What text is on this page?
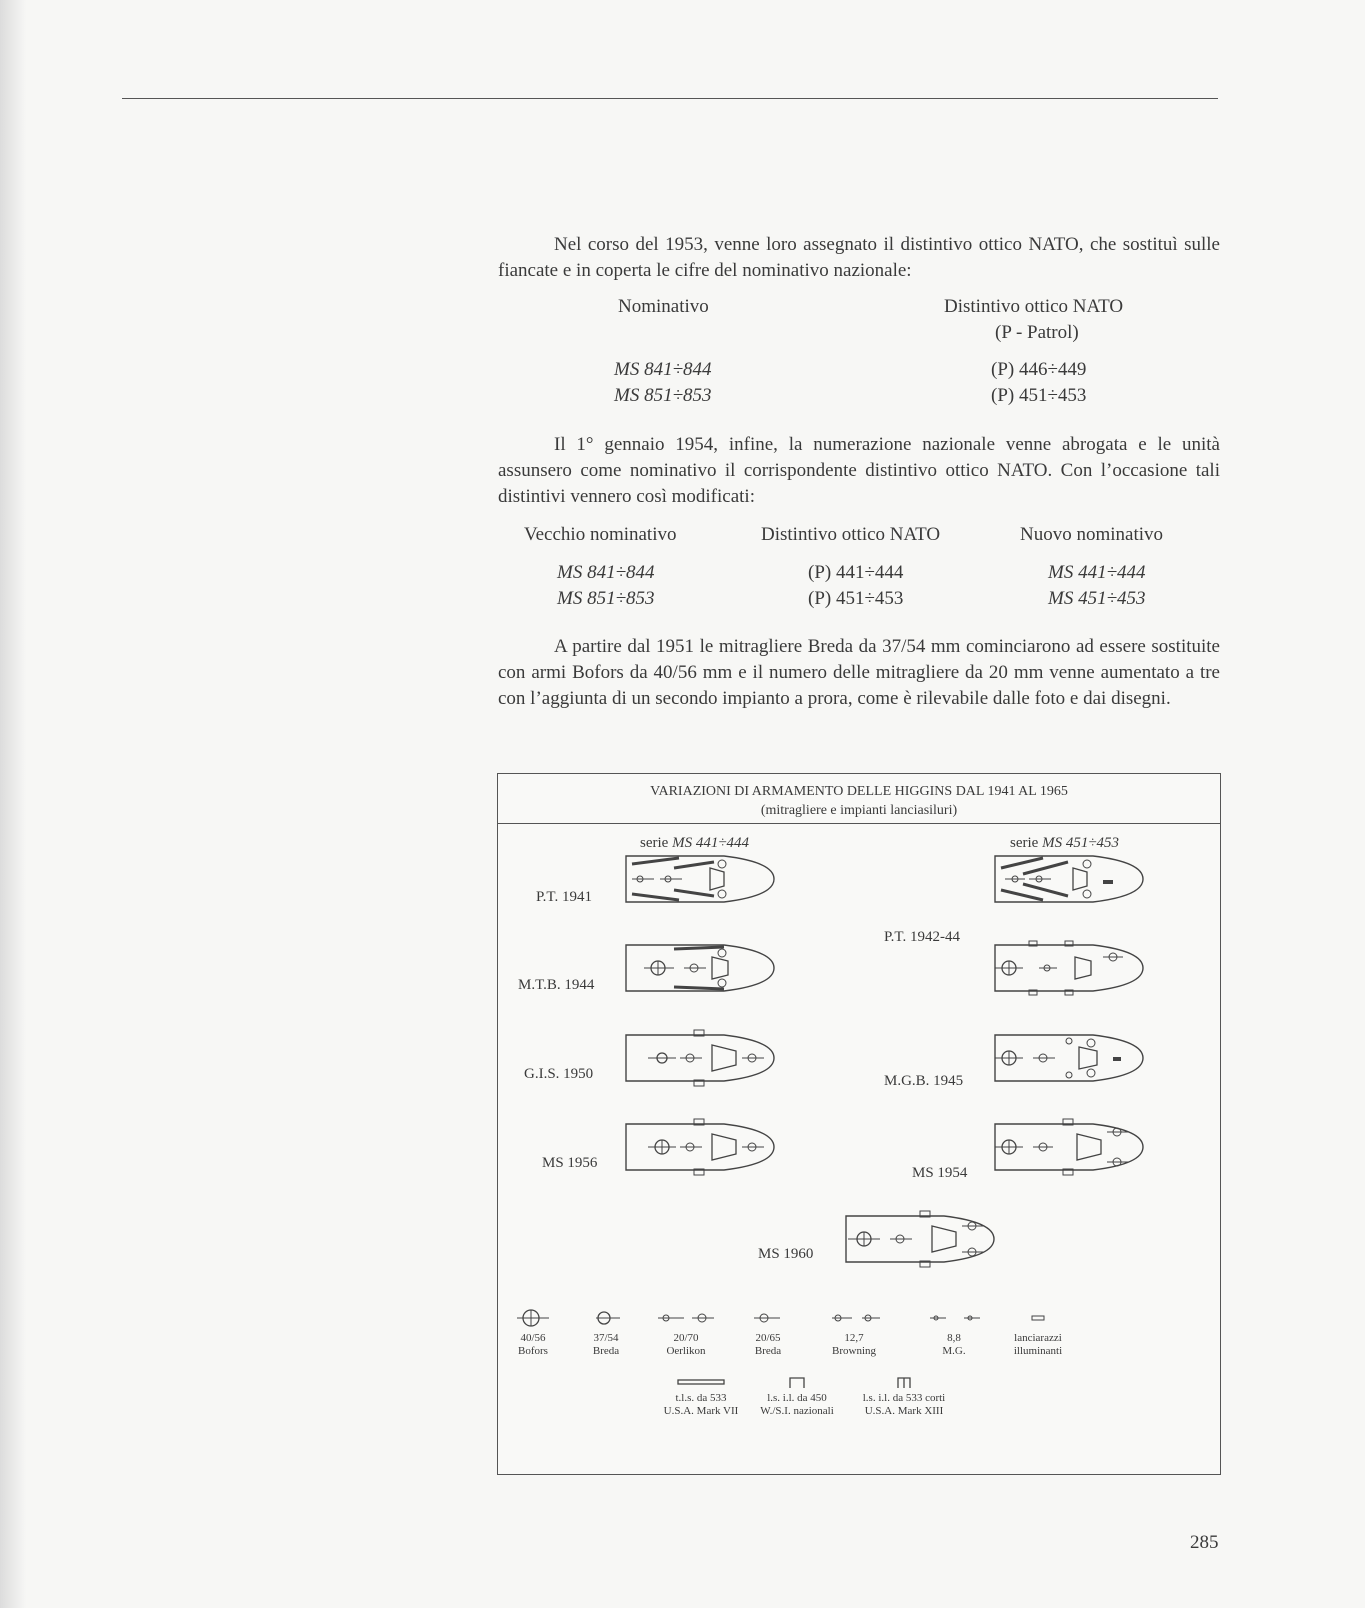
Nel corso del 1953, venne loro assegnato il distintivo ottico NATO, che sostituì sulle fiancate e in coperta le cifre del nominativo nazionale:

Nominativo	Distintivo ottico NATO
(P - Patrol)
MS 841÷844	(P) 446÷449
MS 851÷853	(P) 451÷453

Il 1° gennaio 1954, infine, la numerazione nazionale venne abrogata e le unità assunsero come nominativo il corrispondente distintivo ottico NATO. Con l’occasione tali distintivi vennero così modificati:

Vecchio nominativo	Distintivo ottico NATO	Nuovo nominativo
MS 841÷844	(P) 441÷444	MS 441÷444
MS 851÷853	(P) 451÷453	MS 451÷453

A partire dal 1951 le mitragliere Breda da 37/54 mm cominciarono ad essere sostituite con armi Bofors da 40/56 mm e il numero delle mitragliere da 20 mm venne aumentato a tre con l’aggiunta di un secondo impianto a prora, come è rilevabile dalle foto e dai disegni.

VARIAZIONI DI ARMAMENTO DELLE HIGGINS DAL 1941 AL 1965
(mitragliere e impianti lanciasiluri)
serie MS 441÷444	serie MS 451÷453
P.T. 1941
M.T.B. 1944
G.I.S. 1950
MS 1956
P.T. 1942-44
M.G.B. 1945
MS 1954
MS 1960
40/56
Bofors
37/54
Breda
20/70
Oerlikon
20/65
Breda
12,7
Browning
8,8
M.G.
lanciarazzi
illuminanti
t.l.s. da 533
U.S.A. Mark VII
l.s. i.l. da 450
W./S.I. nazionali
l.s. i.l. da 533 corti
U.S.A. Mark XIII
285
